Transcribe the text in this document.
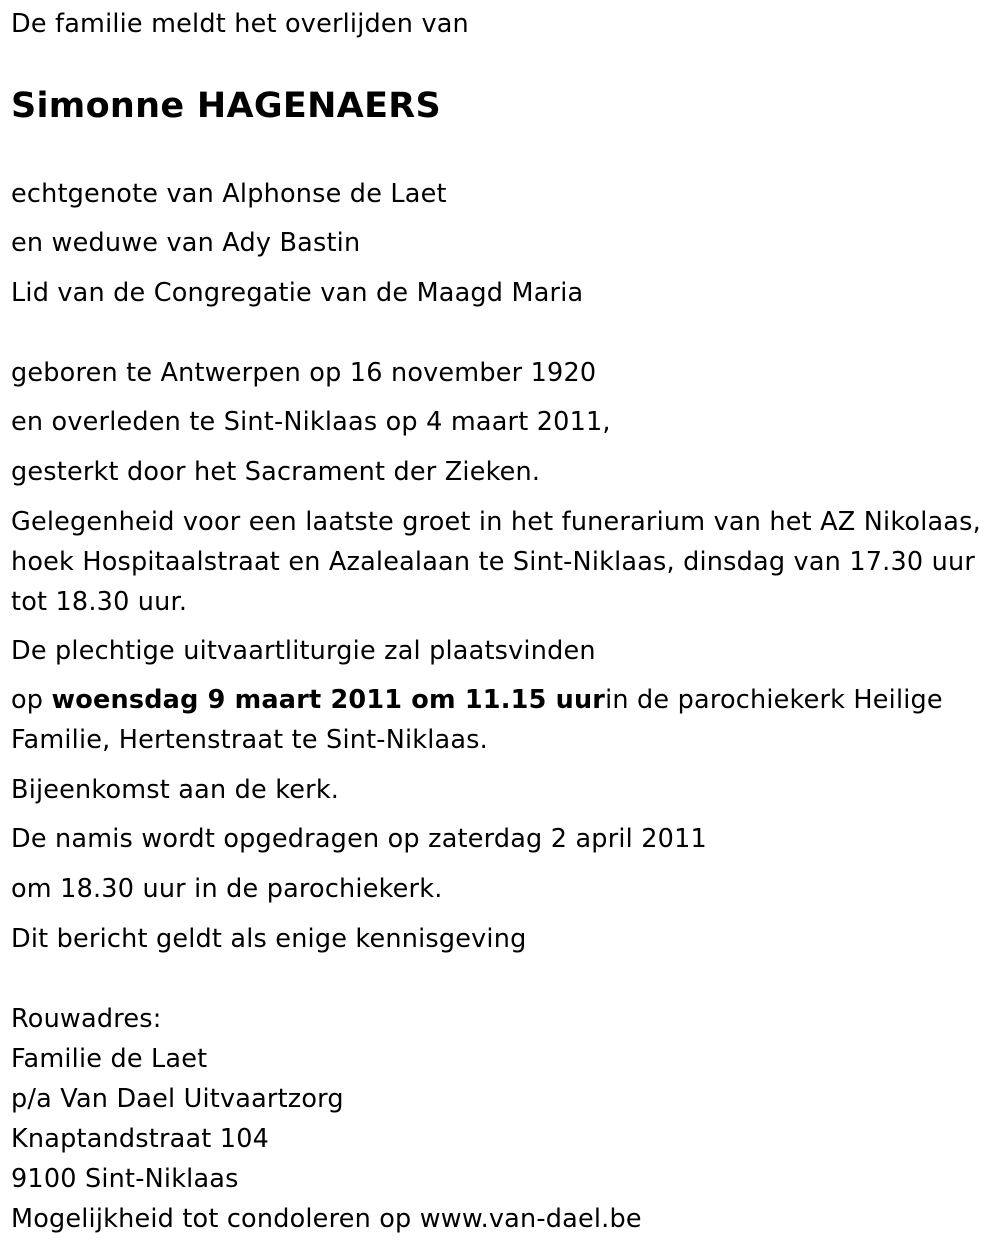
De familie meldt het overlijden van
Simonne HAGENAERS
echtgenote van Alphonse de Laet
en weduwe van Ady Bastin
Lid van de Congregatie van de Maagd Maria
geboren te Antwerpen op 16 november 1920
en overleden te Sint-Niklaas op 4 maart 2011,
gesterkt door het Sacrament der Zieken.
Gelegenheid voor een laatste groet in het funerarium van het AZ Nikolaas, hoek Hospitaalstraat en Azalealaan te Sint-Niklaas, dinsdag van 17.30 uur tot 18.30 uur.
De plechtige uitvaartliturgie zal plaatsvinden
op woensdag 9 maart 2011 om 11.15 uurin de parochiekerk Heilige Familie, Hertenstraat te Sint-Niklaas.
Bijeenkomst aan de kerk.
De namis wordt opgedragen op zaterdag 2 april 2011
om 18.30 uur in de parochiekerk.
Dit bericht geldt als enige kennisgeving
Rouwadres:
Familie de Laet
p/a Van Dael Uitvaartzorg
Knaptandstraat 104
9100 Sint-Niklaas
Mogelijkheid tot condoleren op www.van-dael.be
